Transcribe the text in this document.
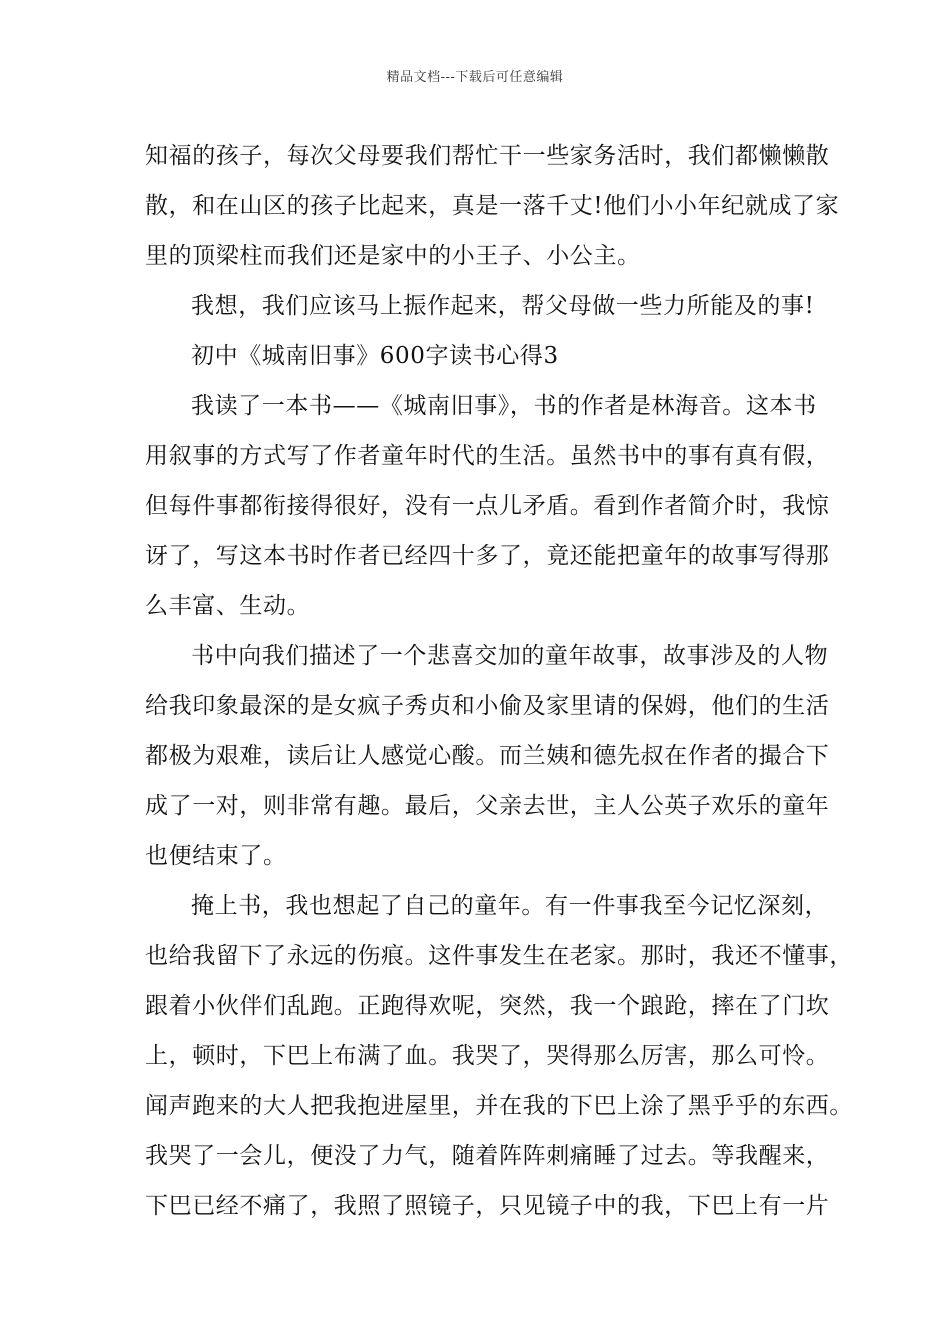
精品文档---下载后可任意编辑
知福的孩子，每次父母要我们帮忙干一些家务活时，我们都懒懒散
散，和在山区的孩子比起来，真是一落千丈!他们小小年纪就成了家
里的顶梁柱而我们还是家中的小王子、小公主。
我想，我们应该马上振作起来，帮父母做一些力所能及的事!
初中《城南旧事》600字读书心得3
我读了一本书——《城南旧事》，书的作者是林海音。这本书
用叙事的方式写了作者童年时代的生活。虽然书中的事有真有假，
但每件事都衔接得很好，没有一点儿矛盾。看到作者简介时，我惊
讶了，写这本书时作者已经四十多了，竟还能把童年的故事写得那
么丰富、生动。
书中向我们描述了一个悲喜交加的童年故事，故事涉及的人物
给我印象最深的是女疯子秀贞和小偷及家里请的保姆，他们的生活
都极为艰难，读后让人感觉心酸。而兰姨和德先叔在作者的撮合下
成了一对，则非常有趣。最后，父亲去世，主人公英子欢乐的童年
也便结束了。
掩上书，我也想起了自己的童年。有一件事我至今记忆深刻，
也给我留下了永远的伤痕。这件事发生在老家。那时，我还不懂事，
跟着小伙伴们乱跑。正跑得欢呢，突然，我一个踉跄，摔在了门坎
上，顿时，下巴上布满了血。我哭了，哭得那么厉害，那么可怜。
闻声跑来的大人把我抱进屋里，并在我的下巴上涂了黑乎乎的东西。
我哭了一会儿，便没了力气，随着阵阵刺痛睡了过去。等我醒来，
下巴已经不痛了，我照了照镜子，只见镜子中的我，下巴上有一片
